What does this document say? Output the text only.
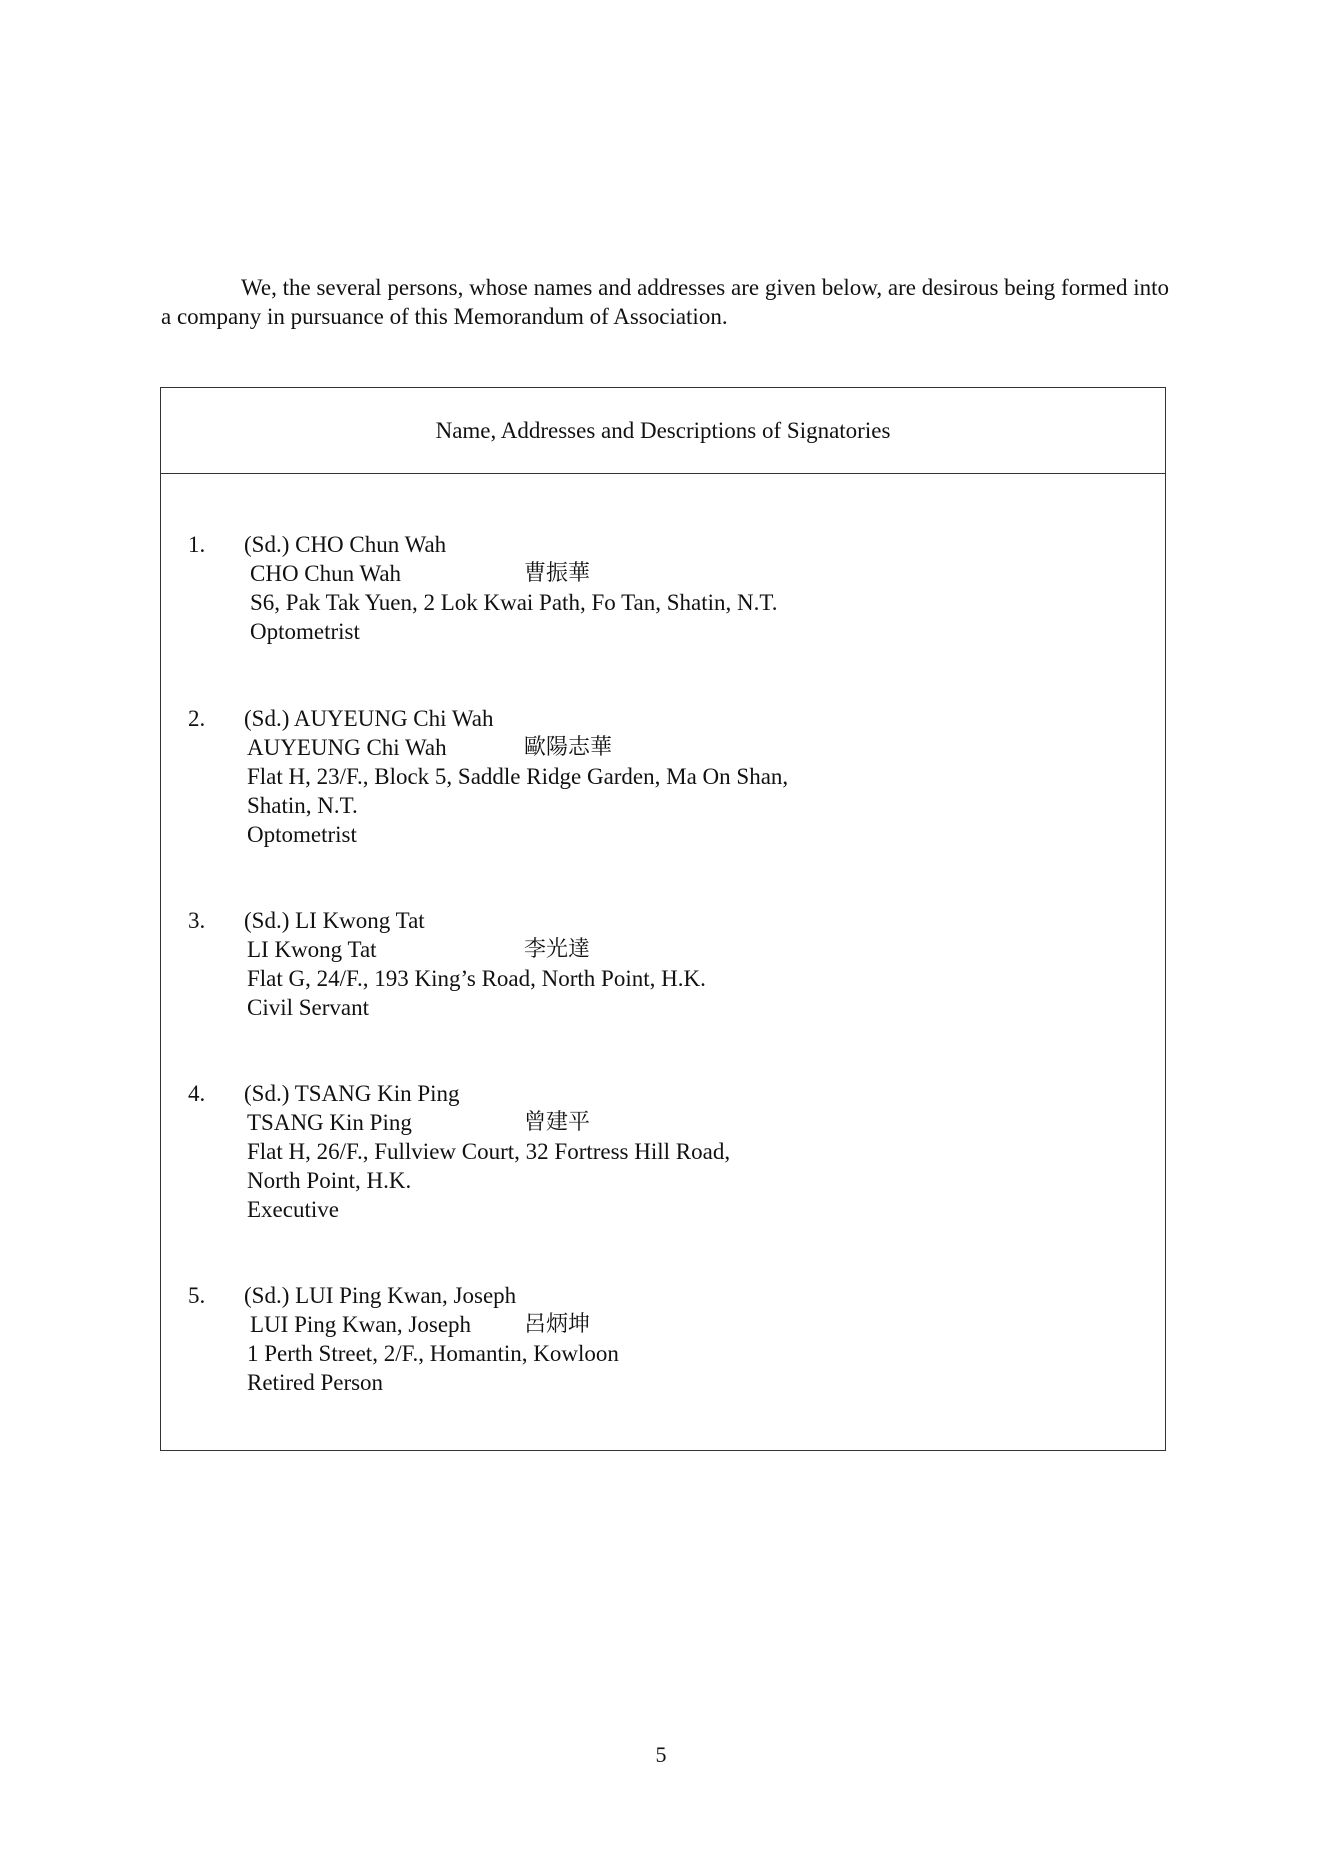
We, the several persons, whose names and addresses are given below, are desirous being formed into a company in pursuance of this Memorandum of Association.

Name, Addresses and Descriptions of Signatories
1. (Sd.) CHO Chun Wah
CHO Chun Wah	曹振華
S6, Pak Tak Yuen, 2 Lok Kwai Path, Fo Tan, Shatin, N.T.
Optometrist
2. (Sd.) AUYEUNG Chi Wah
AUYEUNG Chi Wah	歐陽志華
Flat H, 23/F., Block 5, Saddle Ridge Garden, Ma On Shan,
Shatin, N.T.
Optometrist
3. (Sd.) LI Kwong Tat
LI Kwong Tat	李光達
Flat G, 24/F., 193 King’s Road, North Point, H.K.
Civil Servant
4. (Sd.) TSANG Kin Ping
TSANG Kin Ping	曾建平
Flat H, 26/F., Fullview Court, 32 Fortress Hill Road,
North Point, H.K.
Executive
5. (Sd.) LUI Ping Kwan, Joseph
LUI Ping Kwan, Joseph 呂炳坤
1 Perth Street, 2/F., Homantin, Kowloon
Retired Person
5
